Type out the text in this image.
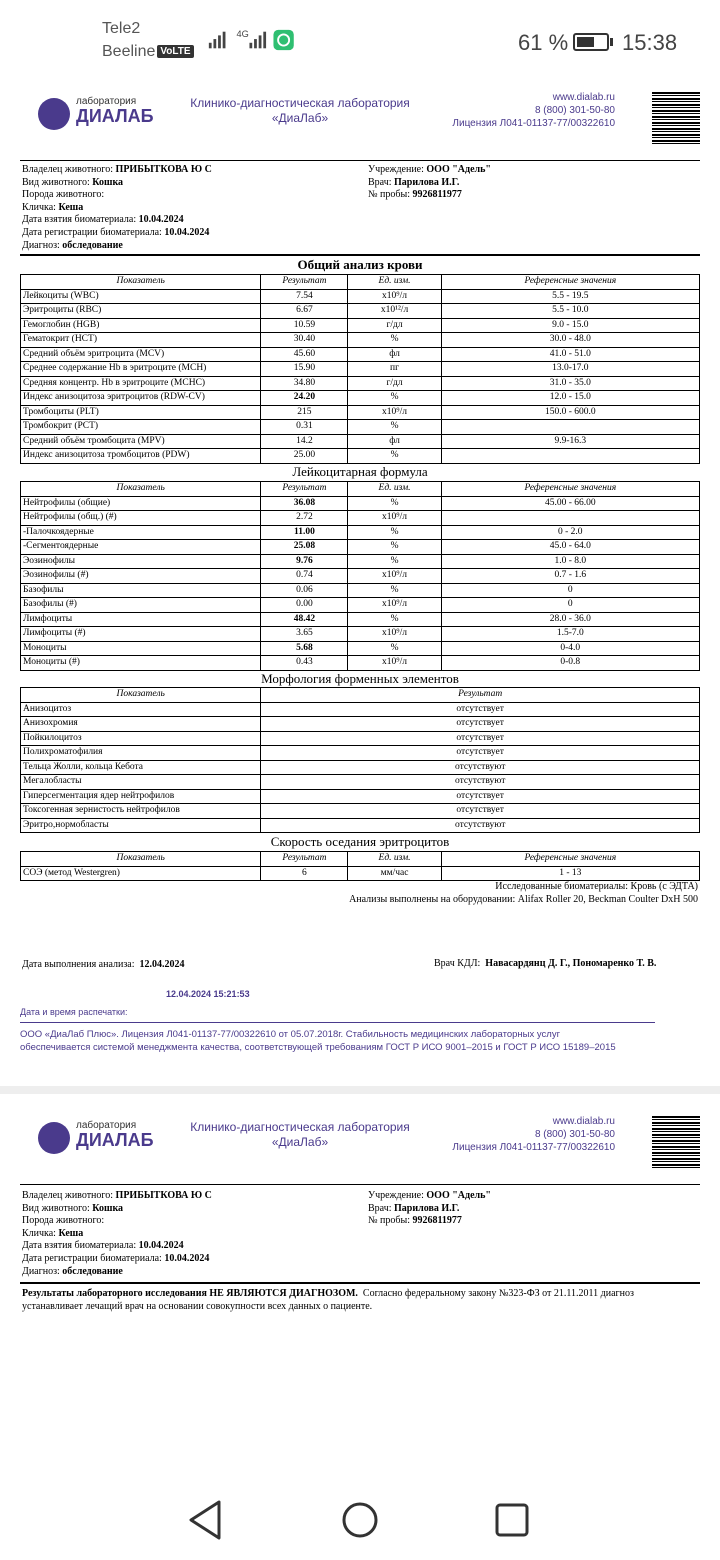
Tele2
Beeline VoLTE
4G	61 % 15:38
лаборатория
ДИАЛАБ
Клинико-диагностическая лаборатория
«ДиаЛаб»
www.dialab.ru
8 (800) 301-50-80
Лицензия Л041-01137-77/00322610
Владелец животного: ПРИБЫТКОВА Ю С
Вид животного: Кошка
Порода животного:
Кличка: Кеша
Дата взятия биоматериала: 10.04.2024
Дата регистрации биоматериала: 10.04.2024
Диагноз: обследование
Учреждение: ООО "Адель"
Врач: Парилова И.Г.
№ пробы: 9926811977
Общий анализ крови
Показатель	Результат	Ед. изм.	Референсные значения
Лейкоциты (WBC)	7.54	x10⁹/л	5.5 - 19.5
Эритроциты (RBC)	6.67	x10¹²/л	5.5 - 10.0
Гемоглобин (HGB)	10.59	г/дл	9.0 - 15.0
Гематокрит (HCT)	30.40	%	30.0 - 48.0
Средний объём эритроцита (MCV)	45.60	фл	41.0 - 51.0
Среднее содержание Hb в эритроците (MCH)	15.90	пг	13.0-17.0
Средняя концентр. Hb в эритроците (MCHC)	34.80	г/дл	31.0 - 35.0
Индекс анизоцитоза эритроцитов (RDW-CV)	24.20	%	12.0 - 15.0
Тромбоциты (PLT)	215	x10⁹/л	150.0 - 600.0
Тромбокрит (PCT)	0.31	%	
Средний объём тромбоцита (MPV)	14.2	фл	9.9-16.3
Индекс анизоцитоза тромбоцитов (PDW)	25.00	%	
Лейкоцитарная формула
Показатель	Результат	Ед. изм.	Референсные значения
Нейтрофилы (общие)	36.08	%	45.00 - 66.00
Нейтрофилы (общ.) (#)	2.72	x10⁹/л	
-Палочкоядерные	11.00	%	0 - 2.0
-Сегментоядерные	25.08	%	45.0 - 64.0
Эозинофилы	9.76	%	1.0 - 8.0
Эозинофилы (#)	0.74	x10⁹/л	0.7 - 1.6
Базофилы	0.06	%	0
Базофилы (#)	0.00	x10⁹/л	0
Лимфоциты	48.42	%	28.0 - 36.0
Лимфоциты (#)	3.65	x10⁹/л	1.5-7.0
Моноциты	5.68	%	0-4.0
Моноциты (#)	0.43	x10⁹/л	0-0.8
Морфология форменных элементов
Показатель	Результат
Анизоцитоз	отсутствует
Анизохромия	отсутствует
Пойкилоцитоз	отсутствует
Полихроматофилия	отсутствует
Тельца Жолли, кольца Кебота	отсутствуют
Мегалобласты	отсутствуют
Гиперсегментация ядер нейтрофилов	отсутствует
Токсогенная зернистость нейтрофилов	отсутствует
Эритро,нормобласты	отсутствуют
Скорость оседания эритроцитов
Показатель	Результат	Ед. изм.	Референсные значения
СОЭ (метод Westergren)	6	мм/час	1 - 13
Исследованные биоматериалы: Кровь (с ЭДТА)
Анализы выполнены на оборудовании: Alifax Roller 20, Beckman Coulter DxH 500
Дата выполнения анализа: 12.04.2024	Врач КДЛ: Навасардянц Д. Г., Пономаренко Т. В.
12.04.2024 15:21:53
Дата и время распечатки:
ООО «ДиаЛаб Плюс». Лицензия Л041-01137-77/00322610 от 05.07.2018г. Стабильность медицинских лабораторных услуг
обеспечивается системой менеджмента качества, соответствующей требованиям ГОСТ Р ИСО 9001–2015 и ГОСТ Р ИСО 15189–2015
лаборатория
ДИАЛАБ
Клинико-диагностическая лаборатория
«ДиаЛаб»
www.dialab.ru
8 (800) 301-50-80
Лицензия Л041-01137-77/00322610
Владелец животного: ПРИБЫТКОВА Ю С
Вид животного: Кошка
Порода животного:
Кличка: Кеша
Дата взятия биоматериала: 10.04.2024
Дата регистрации биоматериала: 10.04.2024
Диагноз: обследование
Учреждение: ООО "Адель"
Врач: Парилова И.Г.
№ пробы: 9926811977
Результаты лабораторного исследования НЕ ЯВЛЯЮТСЯ ДИАГНОЗОМ. Согласно федеральному закону №323-ФЗ от 21.11.2011 диагноз
устанавливает лечащий врач на основании совокупности всех данных о пациенте.
